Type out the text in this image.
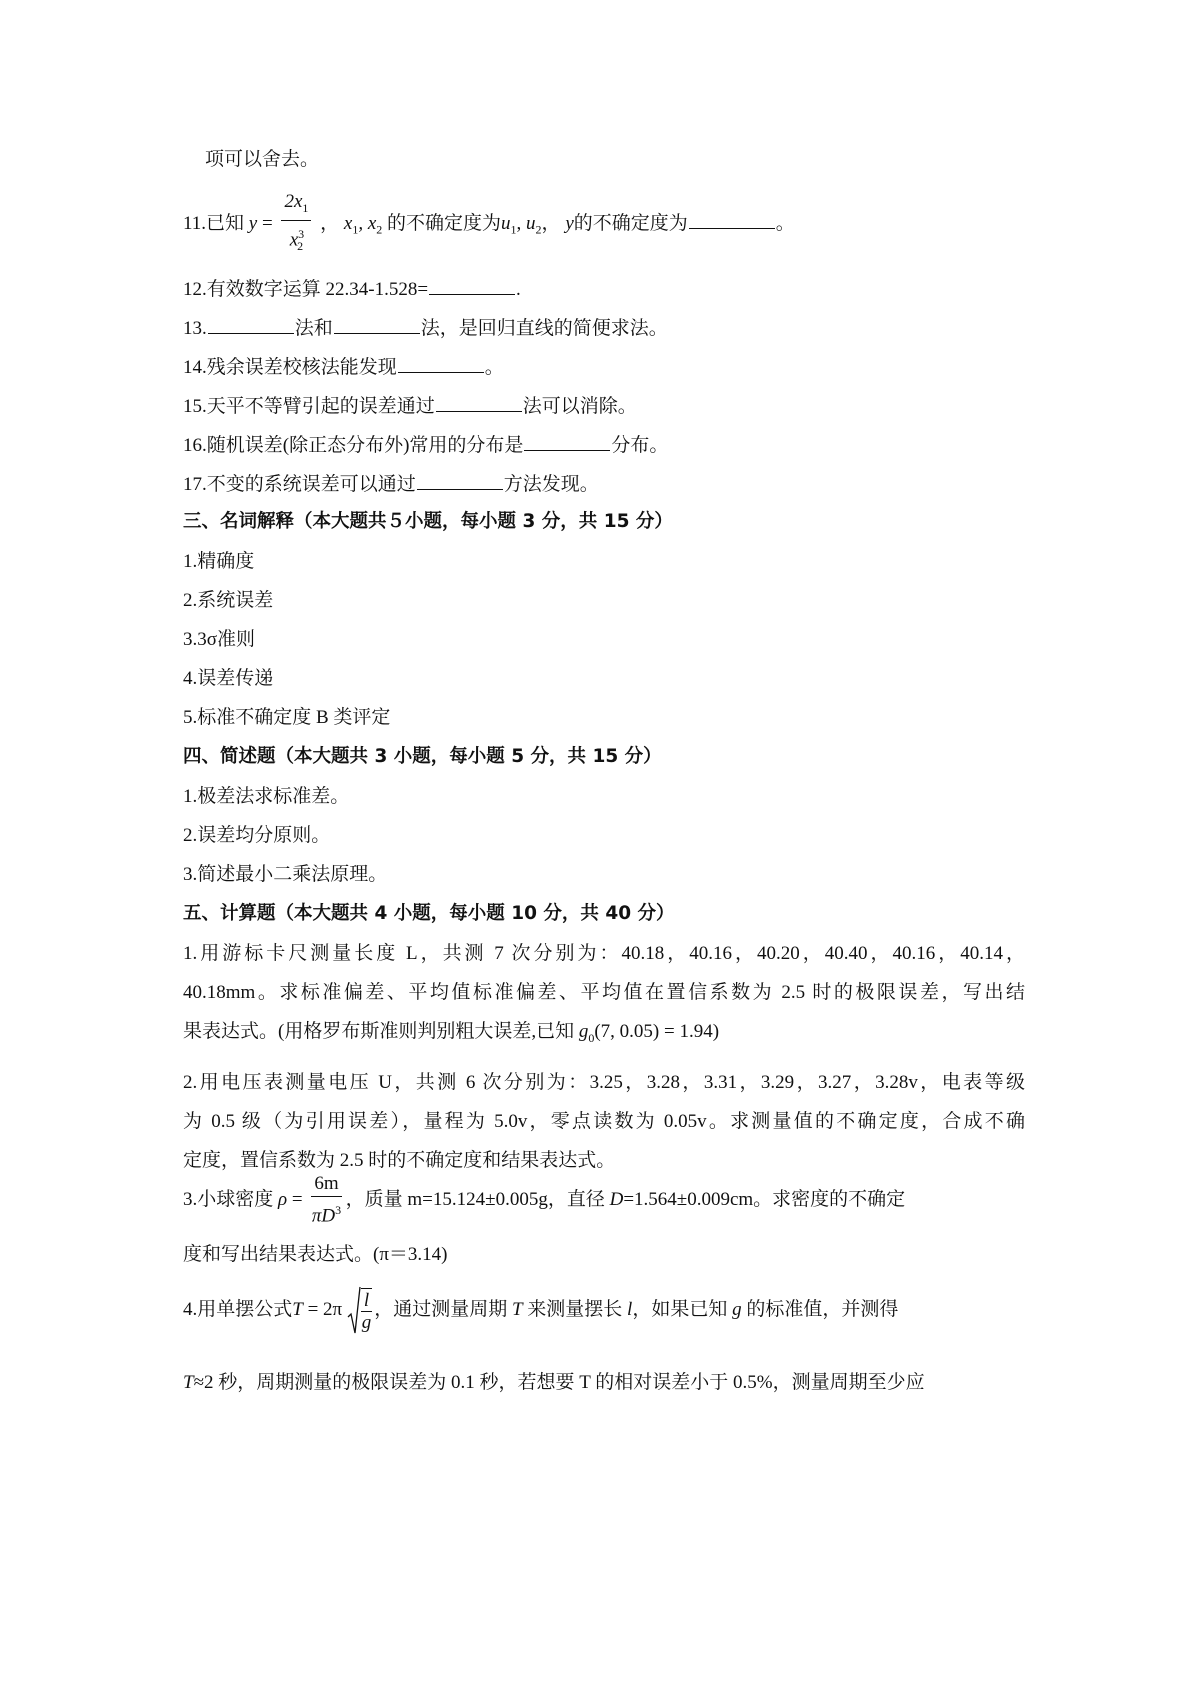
项可以舍去。
11.已知 $y = \frac{2x_1}{x^3_2}$ ， $x_1$, $x_2$ 的不确定度为$u_1$, $u_2$， y的不确定度为	。
12.有效数字运算 22.34-1.528=	.
13.	法和	法，是回归直线的简便求法。
14.残余误差校核法能发现	。
15.天平不等臂引起的误差通过	法可以消除。
16.随机误差(除正态分布外)常用的分布是	分布。
17.不变的系统误差可以通过	方法发现。
三、名词解释（本大题共５小题，每小题 3 分，共 15 分）
1.精确度
2.系统误差
3.3σ准则
4.误差传递
5.标准不确定度 B 类评定
四、简述题（本大题共 3 小题，每小题 5 分，共 15 分）
1.极差法求标准差。
2.误差均分原则。
3.简述最小二乘法原理。
五、计算题（本大题共 4 小题，每小题 10 分，共 40 分）
1.用游标卡尺测量长度 L，共测 7 次分别为：40.18，40.16，40.20，40.40，40.16，40.14，
40.18mm。求标准偏差、平均值标准偏差、平均值在置信系数为 2.5 时的极限误差，写出结
果表达式。(用格罗布斯准则判别粗大误差,已知 $g_0(7$, 0.05) = 1.94)
2.用电压表测量电压 U，共测 6 次分别为：3.25，3.28，3.31，3.29，3.27，3.28v，电表等级
为 0.5 级（为引用误差），量程为 5.0v，零点读数为 0.05v。求测量值的不确定度，合成不确
定度，置信系数为 2.5 时的不确定度和结果表达式。
3.小球密度 $\rho = \frac{6m}{\pi D^3}$ ，质量 m=15.124±0.005g，直径 D=1.564±0.009cm。求密度的不确定
度和写出结果表达式。(π＝3.14)
4.用单摆公式$T = 2\pi \frac{l}{g}$ ，通过测量周期 T 来测量摆长 l，如果已知 g 的标准值，并测得
T≈2 秒，周期测量的极限误差为 0.1 秒，若想要 T 的相对误差小于 0.5%，测量周期至少应
